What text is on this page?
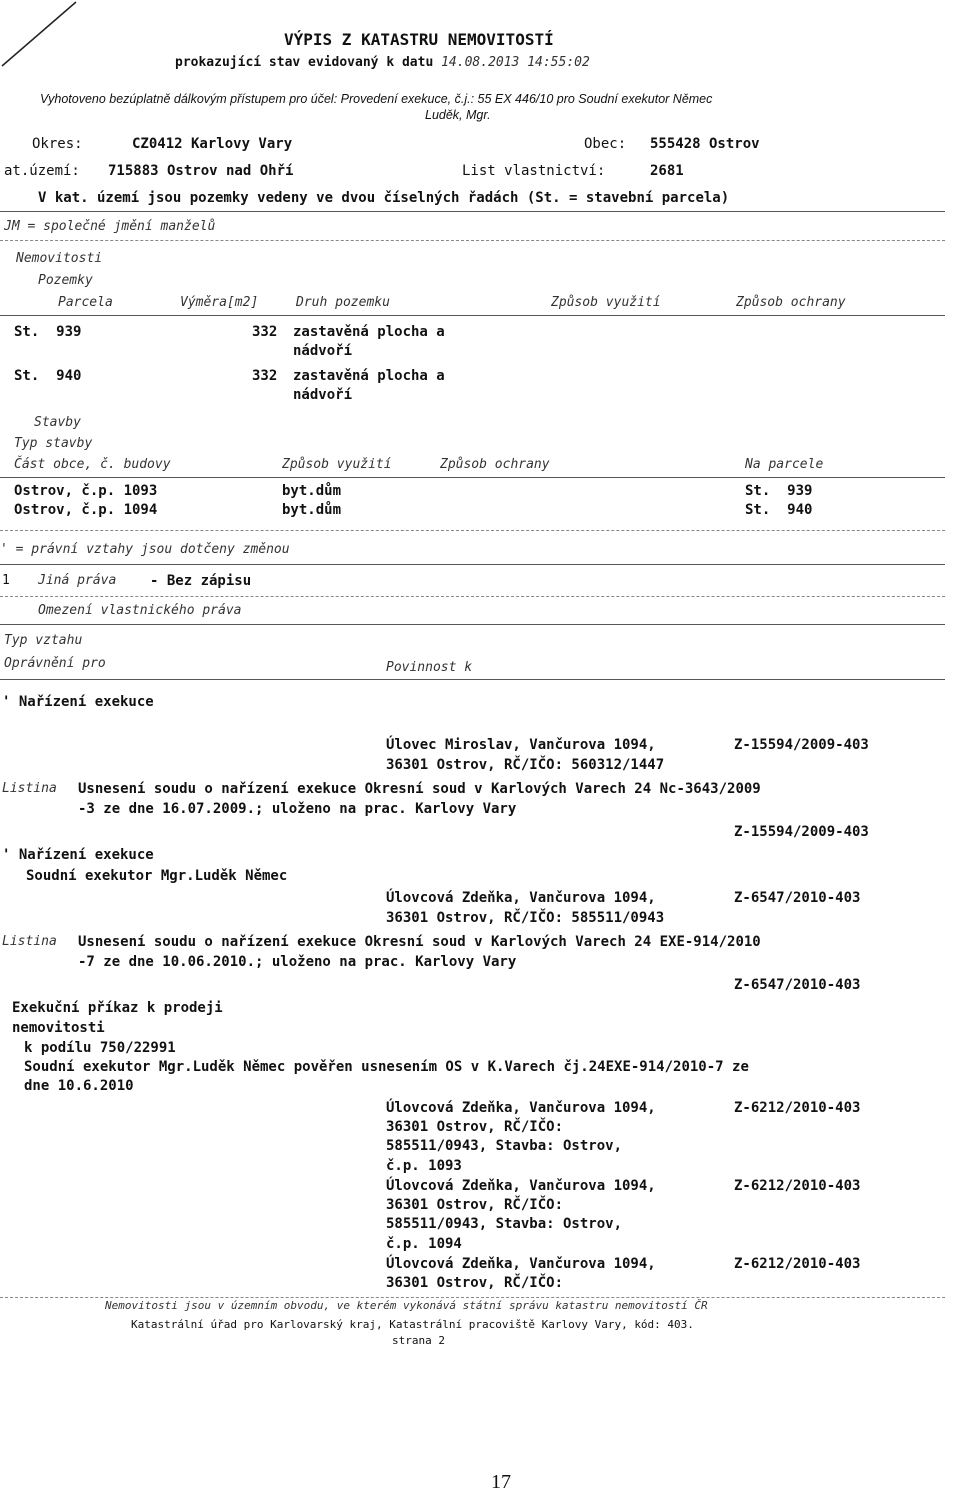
VÝPIS Z KATASTRU NEMOVITOSTÍ
prokazující stav evidovaný k datu 14.08.2013 14:55:02
Vyhotoveno bezúplatně dálkovým přístupem pro účel: Provedení exekuce, č.j.: 55 EX 446/10 pro Soudní exekutor Němec
Luděk, Mgr.
Okres:	CZ0412 Karlovy Vary	Obec: 555428 Ostrov
at.území: 715883 Ostrov nad Ohří	List vlastnictví:	2681
V kat. území jsou pozemky vedeny ve dvou číselných řadách (St. = stavební parcela)
JM = společné jmění manželů
Nemovitosti
Pozemky
Parcela	Výměra[m2]	Druh pozemku	Způsob využití	Způsob ochrany
St.  939	332 zastavěná plocha a
nádvoří
St.  940	332 zastavěná plocha a
nádvoří
Stavby
Typ stavby
Část obce, č. budovy	Způsob využití	Způsob ochrany	Na parcele
Ostrov, č.p. 1093	byt.dům	St.  939
Ostrov, č.p. 1094	byt.dům	St.  940
' = právní vztahy jsou dotčeny změnou
1 Jiná práva - Bez zápisu
Omezení vlastnického práva
Typ vztahu
Oprávnění pro	Povinnost k
' Nařízení exekuce
Úlovec Miroslav, Vančurova 1094,	Z-15594/2009-403
36301 Ostrov, RČ/IČO: 560312/1447
Listina Usnesení soudu o nařízení exekuce Okresní soud v Karlových Varech 24 Nc-3643/2009
-3 ze dne 16.07.2009.; uloženo na prac. Karlovy Vary
Z-15594/2009-403
' Nařízení exekuce
Soudní exekutor Mgr.Luděk Němec
Úlovcová Zdeňka, Vančurova 1094,	Z-6547/2010-403
36301 Ostrov, RČ/IČO: 585511/0943
Listina Usnesení soudu o nařízení exekuce Okresní soud v Karlových Varech 24 EXE-914/2010
-7 ze dne 10.06.2010.; uloženo na prac. Karlovy Vary
Z-6547/2010-403
Exekuční příkaz k prodeji
nemovitosti
k podílu 750/22991
Soudní exekutor Mgr.Luděk Němec pověřen usnesením OS v K.Varech čj.24EXE-914/2010-7 ze
dne 10.6.2010
Úlovcová Zdeňka, Vančurova 1094,	Z-6212/2010-403
36301 Ostrov, RČ/IČO:
585511/0943, Stavba: Ostrov,
č.p. 1093
Úlovcová Zdeňka, Vančurova 1094,	Z-6212/2010-403
36301 Ostrov, RČ/IČO:
585511/0943, Stavba: Ostrov,
č.p. 1094
Úlovcová Zdeňka, Vančurova 1094,	Z-6212/2010-403
36301 Ostrov, RČ/IČO:
Nemovitosti jsou v územním obvodu, ve kterém vykonává státní správu katastru nemovitostí ČR
Katastrální úřad pro Karlovarský kraj, Katastrální pracoviště Karlovy Vary, kód: 403.
strana 2
17
